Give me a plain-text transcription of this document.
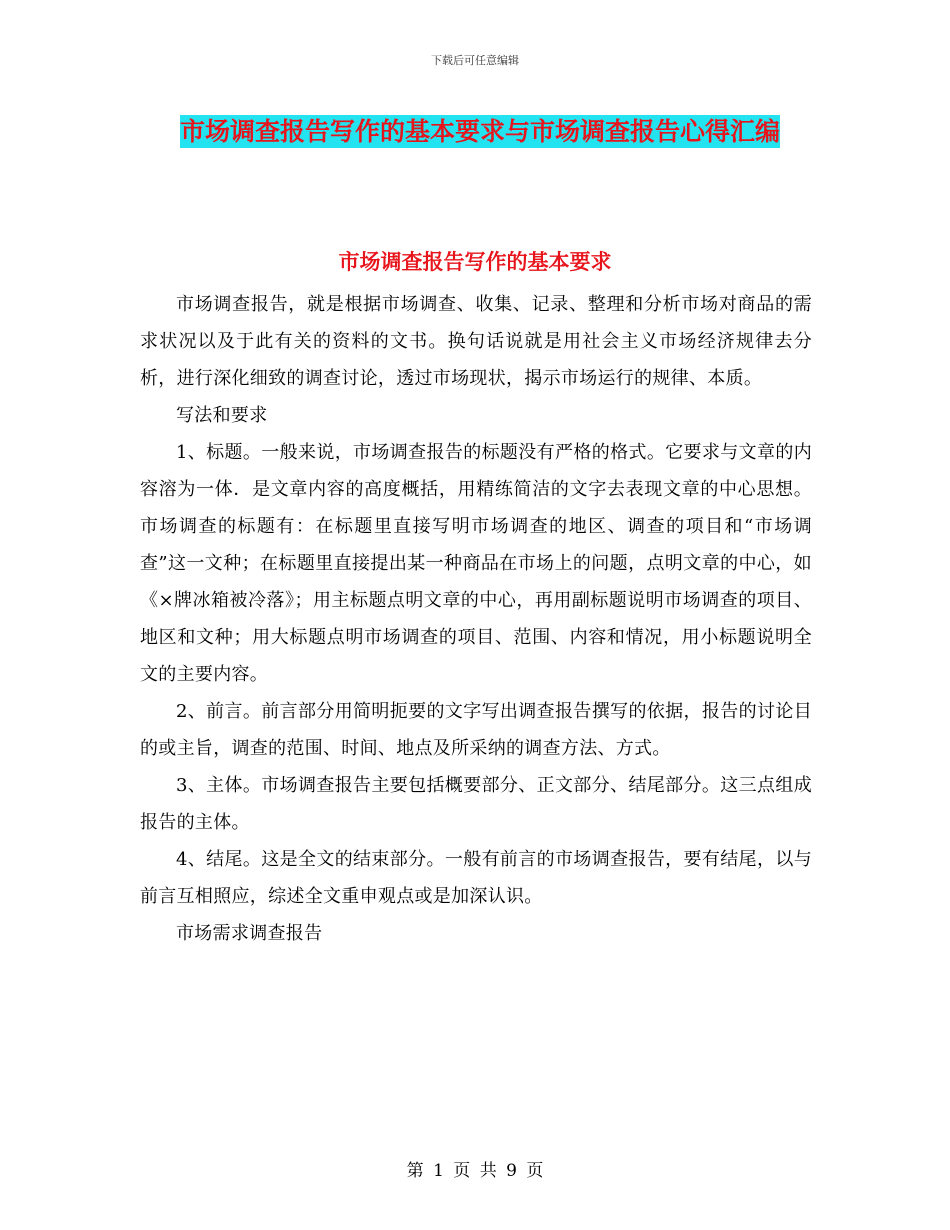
下载后可任意编辑
市场调查报告写作的基本要求与市场调查报告心得汇编
市场调查报告写作的基本要求

市场调查报告，就是根据市场调查、收集、记录、整理和分析市场对商品的需求状况以及于此有关的资料的文书。换句话说就是用社会主义市场经济规律去分析，进行深化细致的调查讨论，透过市场现状，揭示市场运行的规律、本质。

写法和要求

1、标题。一般来说，市场调查报告的标题没有严格的格式。它要求与文章的内容溶为一体．是文章内容的高度概括，用精练简洁的文字去表现文章的中心思想。市场调查的标题有：在标题里直接写明市场调查的地区、调查的项目和“市场调查”这一文种；在标题里直接提出某一种商品在市场上的问题，点明文章的中心，如《×牌冰箱被冷落》；用主标题点明文章的中心，再用副标题说明市场调查的项目、地区和文种；用大标题点明市场调查的项目、范围、内容和情况，用小标题说明全文的主要内容。

2、前言。前言部分用简明扼要的文字写出调查报告撰写的依据，报告的讨论目的或主旨，调查的范围、时间、地点及所采纳的调查方法、方式。

3、主体。市场调查报告主要包括概要部分、正文部分、结尾部分。这三点组成报告的主体。

4、结尾。这是全文的结束部分。一般有前言的市场调查报告，要有结尾，以与前言互相照应，综述全文重申观点或是加深认识。

市场需求调查报告

第 1 页 共 9 页
